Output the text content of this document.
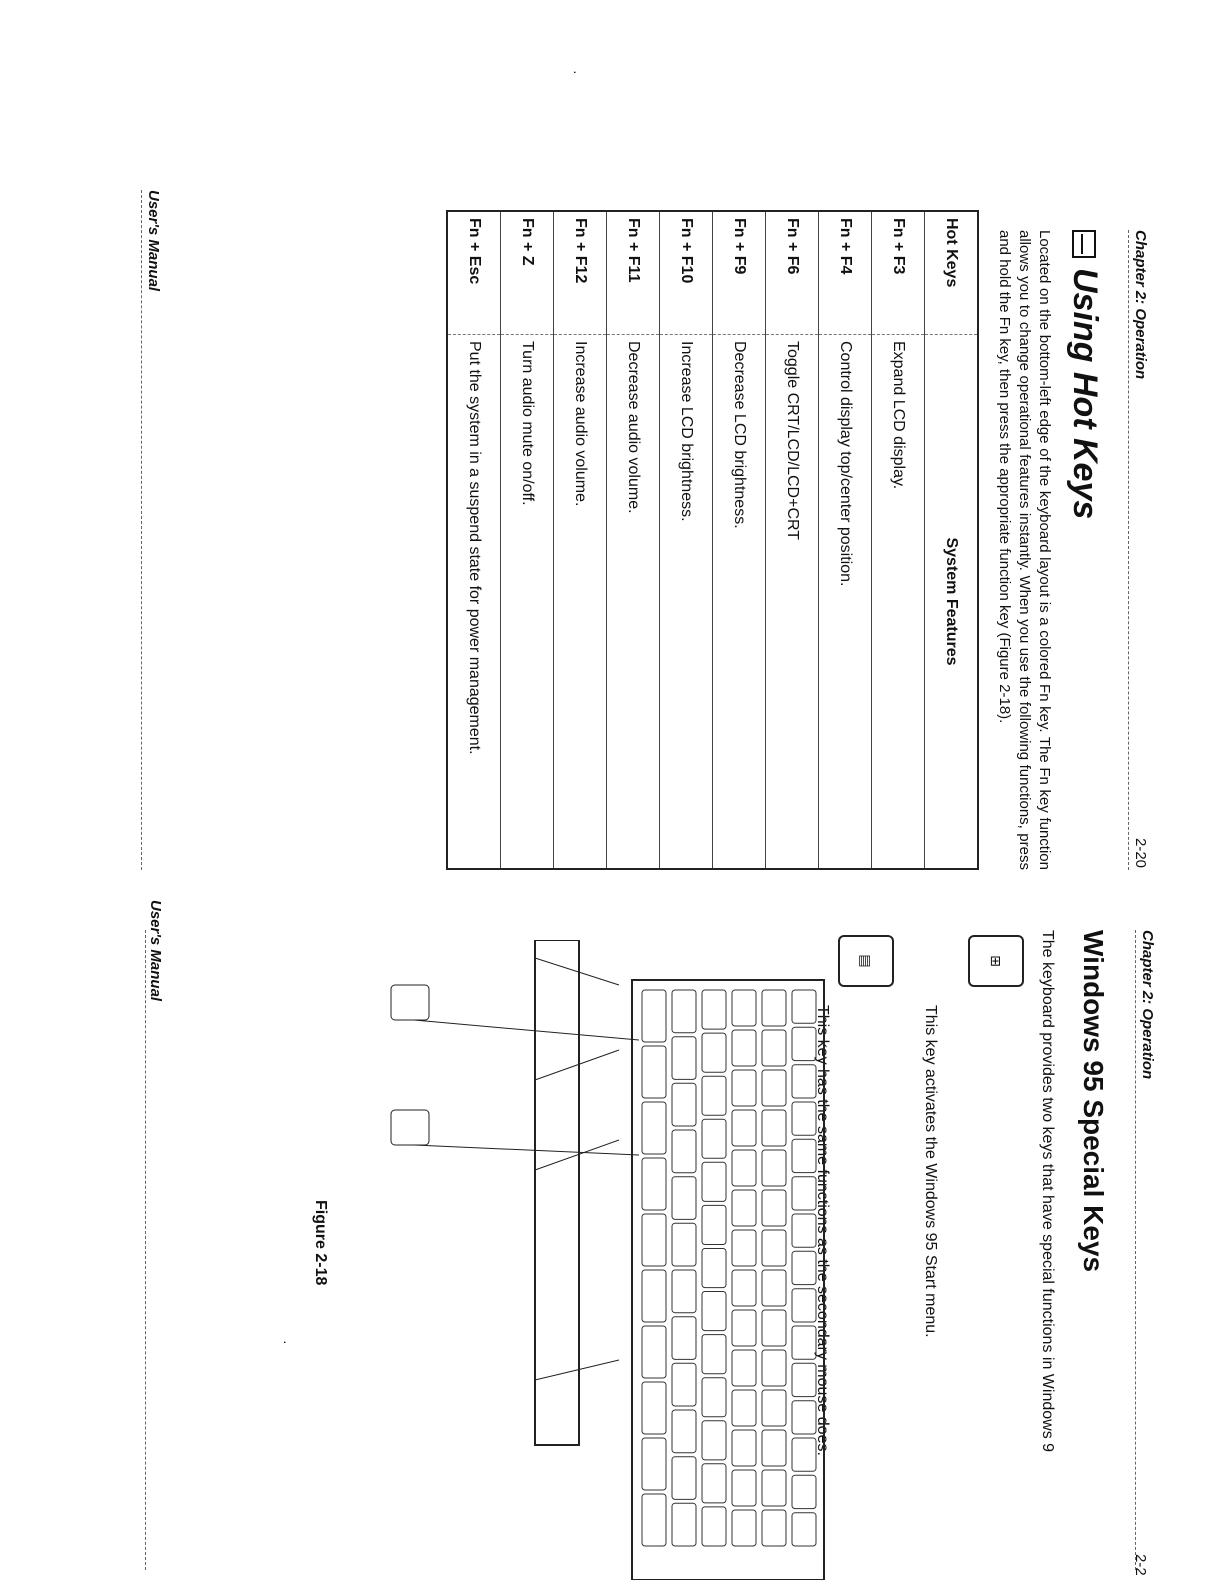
Chapter 2: Operation
2-20
Using Hot Keys

Located on the bottom-left edge of the keyboard layout is a colored Fn key. The Fn key function allows you to change operational features instantly. When you use the following functions, press and hold the Fn key, then press the appropriate function key (Figure 2-18).

Hot Keys	System Features
Fn + F3	Expand LCD display.
Fn + F4	Control display top/center position.
Fn + F6	Toggle CRT/LCD/LCD+CRT
Fn + F9	Decrease LCD brightness.
Fn + F10	Increase LCD brightness.
Fn + F11	Decrease audio volume.
Fn + F12	Increase audio volume.
Fn + Z	Turn audio mute on/off.
Fn + Esc	Put the system in a suspend state for power management.
User's Manual
Chapter 2: Operation
2-2
Windows 95 Special Keys
The keyboard provides two keys that have special functions in Windows 9
⊞
This key activates the Windows 95 Start menu.
▤
This key has the same functions as the secondary mouse does.
Figure 2-18
User's Manual
·
·
